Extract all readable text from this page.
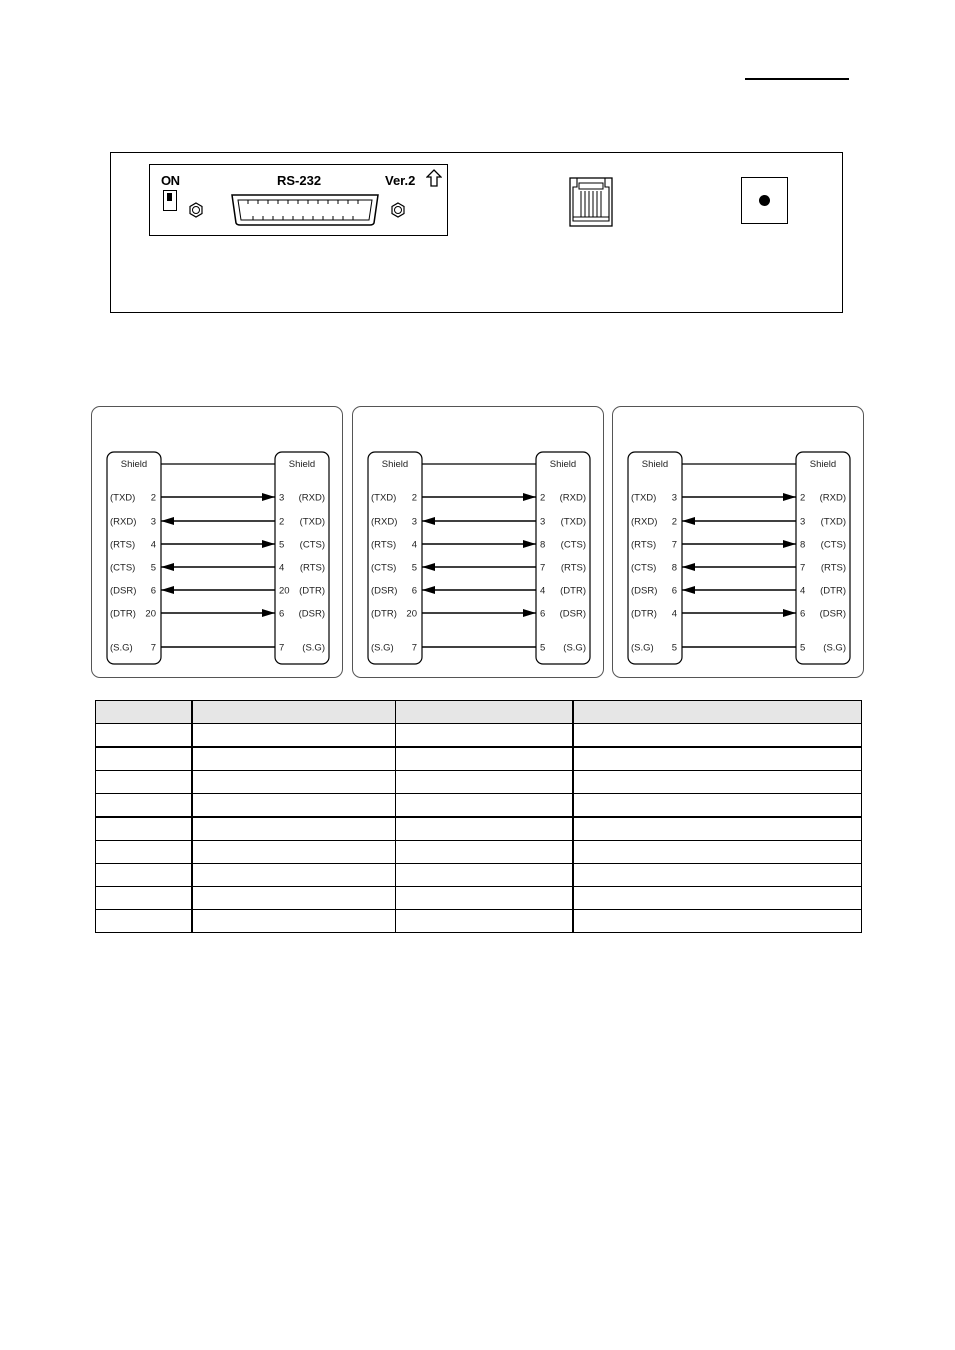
ON	RS-232	Ver.2
Shield	Shield
(TXD) 2	3 (RXD)
(RXD) 3	2 (TXD)
(RTS) 4	5 (CTS)
(CTS) 5	4 (RTS)
(DSR) 6	20 (DTR)
(DTR) 20	6 (DSR)
(S.G) 7	7 (S.G)
Shield	Shield
(TXD) 2	2 (RXD)
(RXD) 3	3 (TXD)
(RTS) 4	8 (CTS)
(CTS) 5	7 (RTS)
(DSR) 6	4 (DTR)
(DTR) 20	6 (DSR)
(S.G) 7	5 (S.G)
Shield	Shield
(TXD) 3	2 (RXD)
(RXD) 2	3 (TXD)
(RTS) 7	8 (CTS)
(CTS) 8	7 (RTS)
(DSR) 6	4 (DTR)
(DTR) 4	6 (DSR)
(S.G) 5	5 (S.G)
